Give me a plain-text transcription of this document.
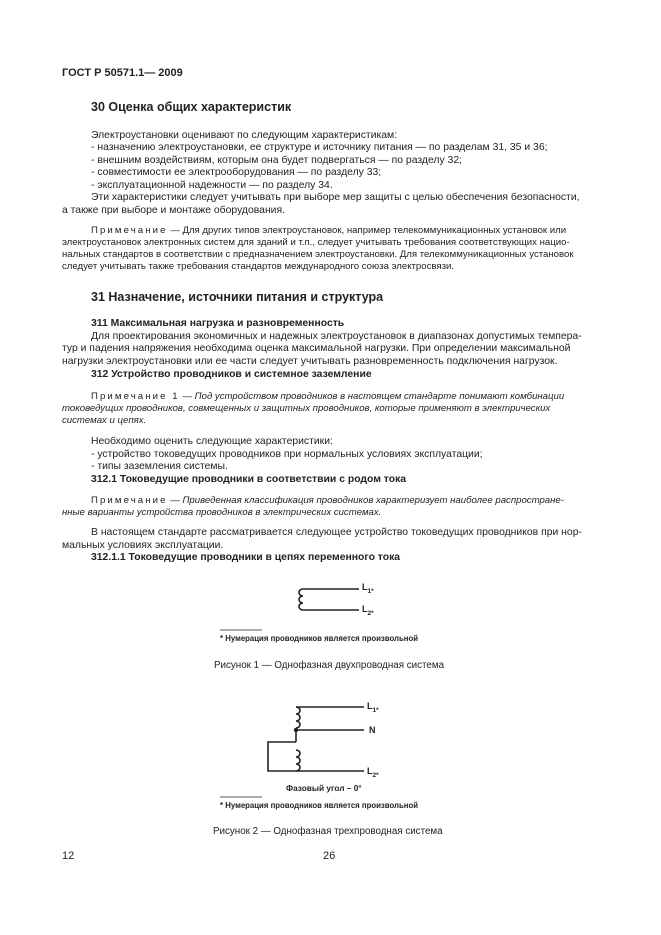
ГОСТ Р 50571.1— 2009
30 Оценка общих характеристик
Электроустановки оценивают по следующим характеристикам:
- назначению электроустановки, ее структуре и источнику питания — по разделам 31, 35 и 36;
- внешним воздействиям, которым она будет подвергаться — по разделу 32;
- совместимости ее электрооборудования — по разделу 33;
- эксплуатационной надежности — по разделу 34.
Эти характеристики следует учитывать при выборе мер защиты с целью обеспечения безопасности,
а также при выборе и монтаже оборудования.
Примечание — Для других типов электроустановок, например телекоммуникационных установок или
электроустановок электронных систем для зданий и т.п., следует учитывать требования соответствующих нацио-
нальных стандартов в соответствии с предназначением электроустановки. Для телекоммуникационных установок
следует учитывать также требования стандартов международного союза электросвязи.
31 Назначение, источники питания и структура
311 Максимальная нагрузка и разновременность
Для проектирования экономичных и надежных электроустановок в диапазонах допустимых темпера-
тур и падения напряжения необходима оценка максимальной нагрузки. При определении максимальной
нагрузки электроустановки или ее части следует учитывать разновременность подключения нагрузок.
312 Устройство проводников и системное заземление
Примечание 1 — Под устройством проводников в настоящем стандарте понимают комбинации
токоведущих проводников, совмещенных и защитных проводников, которые применяют в электрических
системах и цепях.
Необходимо оценить следующие характеристики:
- устройство токоведущих проводников при нормальных условиях эксплуатации;
- типы заземления системы.
312.1 Токоведущие проводники в соответствии с родом тока
Примечание — Приведенная классификация проводников характеризует наиболее распростране-
нные варианты устройства проводников в электрических системах.
В настоящем стандарте рассматривается следующее устройство токоведущих проводников при нор-
мальных условиях эксплуатации.
312.1.1 Токоведущие проводники в цепях переменного тока
$L_{1*}$
$L_{2*}$
* Нумерация проводников является произвольной
Рисунок 1 — Однофазная двухпроводная система
$L_{1*}$
N
$L_{2*}$
Фазовый угол – 0°
* Нумерация проводников является произвольной
Рисунок 2 — Однофазная трехпроводная система
12	26
